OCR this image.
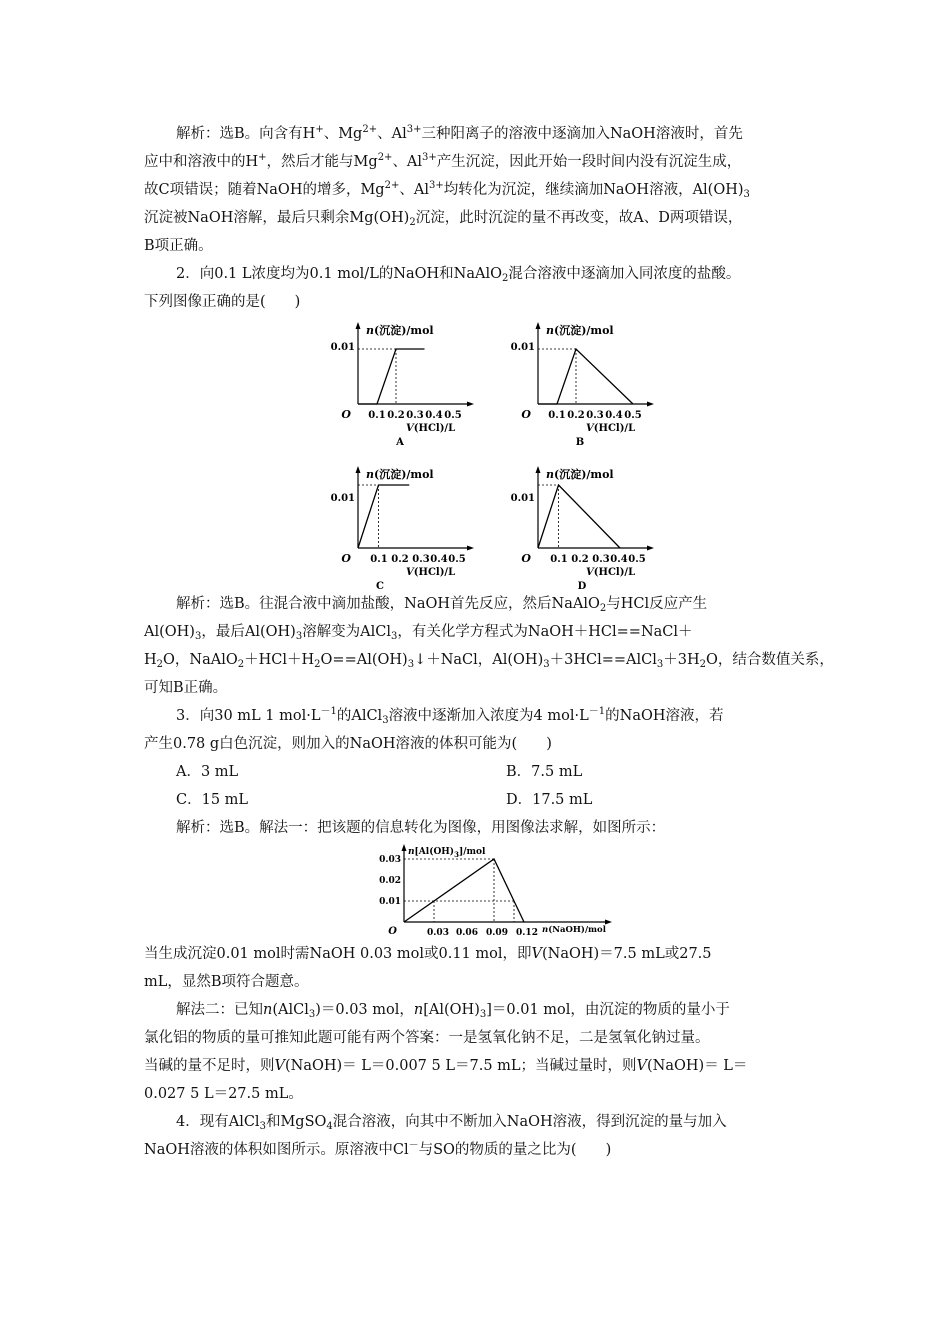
解析：选B。向含有H+、$Mg^{2+}$、$Al^{3+}$三种阳离子的溶液中逐滴加入NaOH溶液时，首先
应中和溶液中的H+，然后才能与$Mg^{2+}$、$Al^{3+}$产生沉淀，因此开始一段时间内没有沉淀生成，
故C项错误；随着NaOH的增多，$Mg^{2+}$、$Al^{3+}$均转化为沉淀，继续滴加NaOH溶液，$Al(OH)_3$
沉淀被NaOH溶解，最后只剩余$Mg(OH)_2$沉淀，此时沉淀的量不再改变，故A、D两项错误，
B项正确。
2．向0.1 L浓度均为0.1 mol/L的NaOH和NaAlO$_2$混合溶液中逐滴加入同浓度的盐酸。
下列图像正确的是(　　)
n(沉淀)/mol
0.01
O 0.1 0.2 0.3 0.4 0.5
V(HCl)/L
A
n(沉淀)/mol
0.01
O 0.1 0.2 0.3 0.4 0.5
V(HCl)/L
B
n(沉淀)/mol
0.01
O 0.1 0.2 0.3 0.4 0.5
V(HCl)/L
C
n(沉淀)/mol
0.01
O 0.1 0.2 0.3 0.4 0.5
V(HCl)/L
D
解析：选B。往混合液中滴加盐酸，NaOH首先反应，然后NaAlO$_2$与HCl反应产生
$Al(OH)_3$，最后$Al(OH)_3$溶解变为AlCl$_3$，有关化学方程式为NaOH＋HCl==NaCl＋
$H_2O$，$NaAlO_2+HCl+H_2O==Al(OH)_3↓+NaCl$，$Al(OH)_3+3HCl==AlCl_3+3H_2O$，结合数值关系，
可知B正确。
3．向30 mL 1 $mol\cdot L^{-1}$的AlCl$_3$溶液中逐渐加入浓度为4 $mol\cdot L^{-1}$的NaOH溶液，若
产生0.78 g白色沉淀，则加入的NaOH溶液的体积可能为(　　)
A．3 mL	B．7.5 mL
C．15 mL	D．17.5 mL
解析：选B。解法一：把该题的信息转化为图像，用图像法求解，如图所示：
$n[Al(OH)_3]$/mol
0.03
0.02
0.01
O	0.03 0.06 0.09 0.12 n(NaOH)/mol
当生成沉淀0.01 mol时需NaOH 0.03 mol或0.11 mol，即V(NaOH)＝7.5 mL或27.5
mL，显然B项符合题意。
解法二：已知n(AlCl$_3$)＝0.03 mol，$n[Al(OH)_3]=0.01$ mol，由沉淀的物质的量小于
氯化铝的物质的量可推知此题可能有两个答案：一是氢氧化钠不足，二是氢氧化钠过量。
当碱的量不足时，则V(NaOH)＝ L＝0.007 5 L＝7.5 mL；当碱过量时，则V(NaOH)＝ L＝
0.027 5 L＝27.5 mL。
4．现有AlCl$_3$和MgSO$_4$混合溶液，向其中不断加入NaOH溶液，得到沉淀的量与加入
NaOH溶液的体积如图所示。原溶液中Cl－与SO的物质的量之比为(　　)
